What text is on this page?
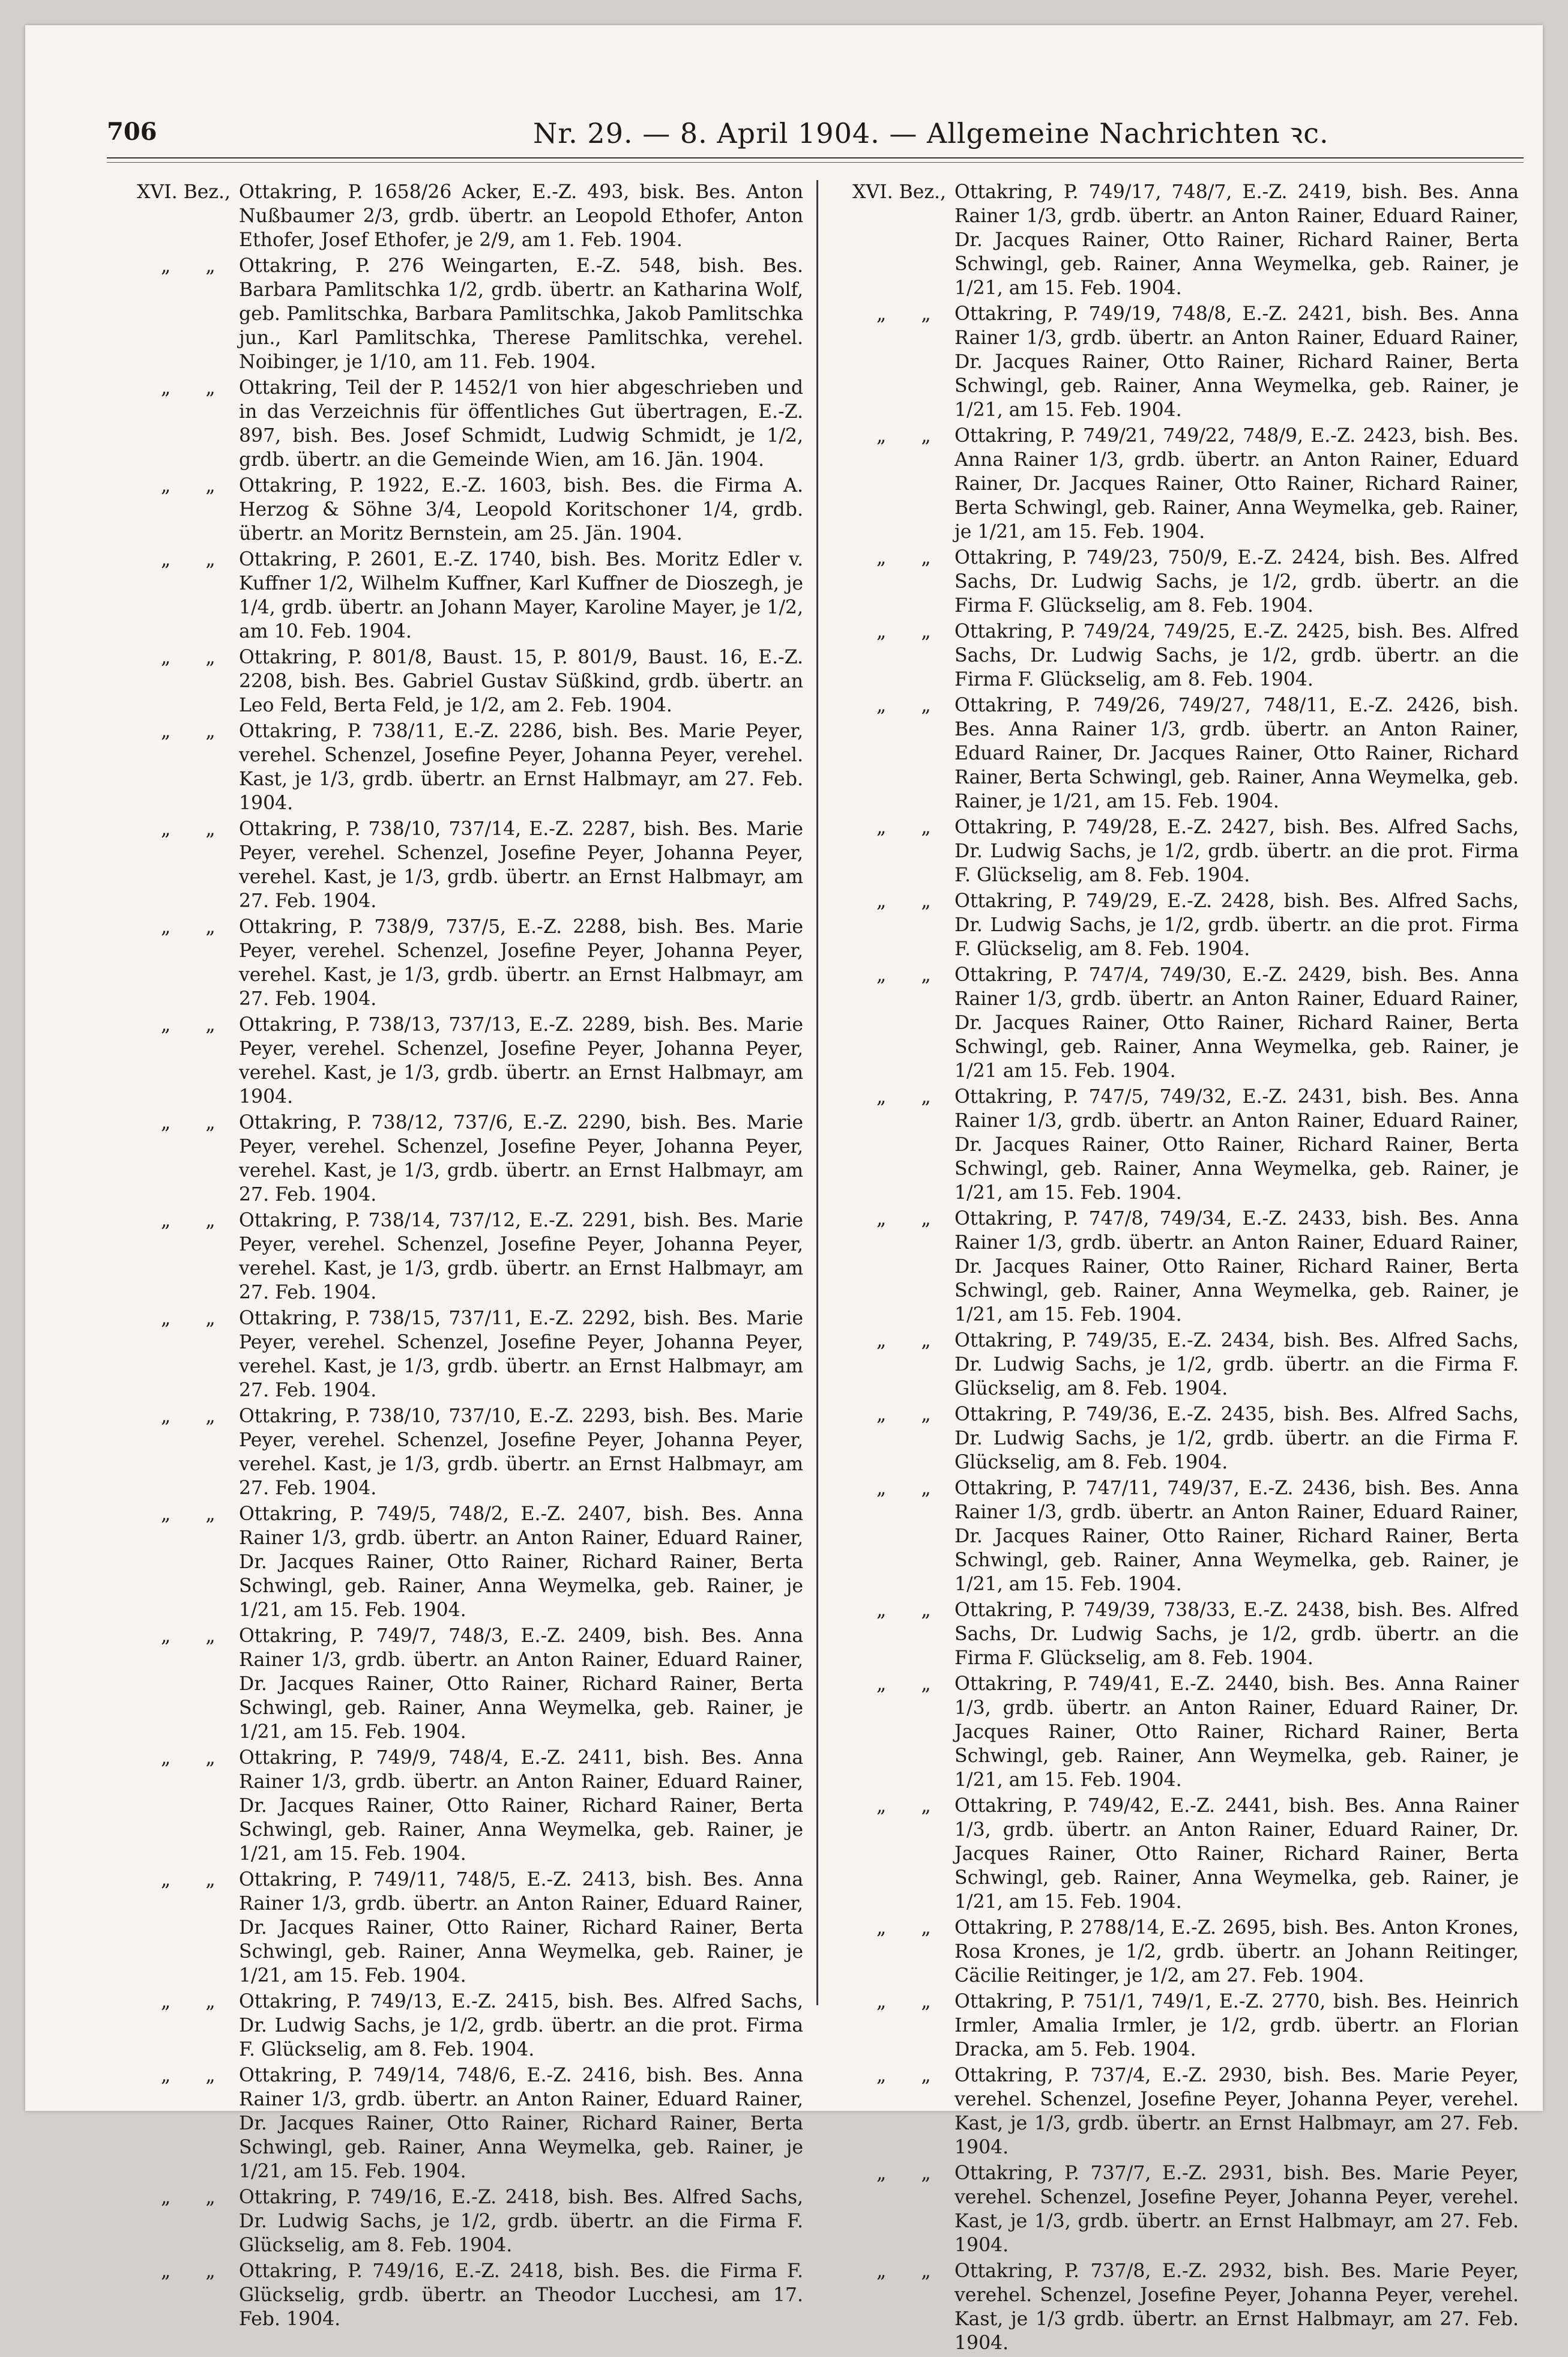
706	Nr. 29. — 8. April 1904. — Allgemeine Nachrichten ꝛc.
XVI. Bez., Ottakring, P. 1658/26 Acker, E.-Z. 493, bisk. Bes. Anton Nußbaumer 2/3, grdb. übertr. an Leopold Ethofer, Anton Ethofer, Josef Ethofer, je 2/9, am 1. Feb. 1904.
„ „ Ottakring, P. 276 Weingarten, E.-Z. 548, bish. Bes. Barbara Pamlitschka 1/2, grdb. übertr. an Katharina Wolf, geb. Pamlitschka, Barbara Pamlitschka, Jakob Pamlitschka jun., Karl Pamlitschka, Therese Pamlitschka, verehel. Noibinger, je 1/10, am 11. Feb. 1904.
„ „ Ottakring, Teil der P. 1452/1 von hier abgeschrieben und in das Verzeichnis für öffentliches Gut übertragen, E.-Z. 897, bish. Bes. Josef Schmidt, Ludwig Schmidt, je 1/2, grdb. übertr. an die Gemeinde Wien, am 16. Jän. 1904.
„ „ Ottakring, P. 1922, E.-Z. 1603, bish. Bes. die Firma A. Herzog & Söhne 3/4, Leopold Koritschoner 1/4, grdb. übertr. an Moritz Bernstein, am 25. Jän. 1904.
„ „ Ottakring, P. 2601, E.-Z. 1740, bish. Bes. Moritz Edler v. Kuffner 1/2, Wilhelm Kuffner, Karl Kuffner de Dioszegh, je 1/4, grdb. übertr. an Johann Mayer, Karoline Mayer, je 1/2, am 10. Feb. 1904.
„ „ Ottakring, P. 801/8, Baust. 15, P. 801/9, Baust. 16, E.-Z. 2208, bish. Bes. Gabriel Gustav Süßkind, grdb. übertr. an Leo Feld, Berta Feld, je 1/2, am 2. Feb. 1904.
„ „ Ottakring, P. 738/11, E.-Z. 2286, bish. Bes. Marie Peyer, verehel. Schenzel, Josefine Peyer, Johanna Peyer, verehel. Kast, je 1/3, grdb. übertr. an Ernst Halbmayr, am 27. Feb. 1904.
„ „ Ottakring, P. 738/10, 737/14, E.-Z. 2287, bish. Bes. Marie Peyer, verehel. Schenzel, Josefine Peyer, Johanna Peyer, verehel. Kast, je 1/3, grdb. übertr. an Ernst Halbmayr, am 27. Feb. 1904.
„ „ Ottakring, P. 738/9, 737/5, E.-Z. 2288, bish. Bes. Marie Peyer, verehel. Schenzel, Josefine Peyer, Johanna Peyer, verehel. Kast, je 1/3, grdb. übertr. an Ernst Halbmayr, am 27. Feb. 1904.
„ „ Ottakring, P. 738/13, 737/13, E.-Z. 2289, bish. Bes. Marie Peyer, verehel. Schenzel, Josefine Peyer, Johanna Peyer, verehel. Kast, je 1/3, grdb. übertr. an Ernst Halbmayr, am 1904.
„ „ Ottakring, P. 738/12, 737/6, E.-Z. 2290, bish. Bes. Marie Peyer, verehel. Schenzel, Josefine Peyer, Johanna Peyer, verehel. Kast, je 1/3, grdb. übertr. an Ernst Halbmayr, am 27. Feb. 1904.
„ „ Ottakring, P. 738/14, 737/12, E.-Z. 2291, bish. Bes. Marie Peyer, verehel. Schenzel, Josefine Peyer, Johanna Peyer, verehel. Kast, je 1/3, grdb. übertr. an Ernst Halbmayr, am 27. Feb. 1904.
„ „ Ottakring, P. 738/15, 737/11, E.-Z. 2292, bish. Bes. Marie Peyer, verehel. Schenzel, Josefine Peyer, Johanna Peyer, verehel. Kast, je 1/3, grdb. übertr. an Ernst Halbmayr, am 27. Feb. 1904.
„ „ Ottakring, P. 738/10, 737/10, E.-Z. 2293, bish. Bes. Marie Peyer, verehel. Schenzel, Josefine Peyer, Johanna Peyer, verehel. Kast, je 1/3, grdb. übertr. an Ernst Halbmayr, am 27. Feb. 1904.
„ „ Ottakring, P. 749/5, 748/2, E.-Z. 2407, bish. Bes. Anna Rainer 1/3, grdb. übertr. an Anton Rainer, Eduard Rainer, Dr. Jacques Rainer, Otto Rainer, Richard Rainer, Berta Schwingl, geb. Rainer, Anna Weymelka, geb. Rainer, je 1/21, am 15. Feb. 1904.
„ „ Ottakring, P. 749/7, 748/3, E.-Z. 2409, bish. Bes. Anna Rainer 1/3, grdb. übertr. an Anton Rainer, Eduard Rainer, Dr. Jacques Rainer, Otto Rainer, Richard Rainer, Berta Schwingl, geb. Rainer, Anna Weymelka, geb. Rainer, je 1/21, am 15. Feb. 1904.
„ „ Ottakring, P. 749/9, 748/4, E.-Z. 2411, bish. Bes. Anna Rainer 1/3, grdb. übertr. an Anton Rainer, Eduard Rainer, Dr. Jacques Rainer, Otto Rainer, Richard Rainer, Berta Schwingl, geb. Rainer, Anna Weymelka, geb. Rainer, je 1/21, am 15. Feb. 1904.
„ „ Ottakring, P. 749/11, 748/5, E.-Z. 2413, bish. Bes. Anna Rainer 1/3, grdb. übertr. an Anton Rainer, Eduard Rainer, Dr. Jacques Rainer, Otto Rainer, Richard Rainer, Berta Schwingl, geb. Rainer, Anna Weymelka, geb. Rainer, je 1/21, am 15. Feb. 1904.
„ „ Ottakring, P. 749/13, E.-Z. 2415, bish. Bes. Alfred Sachs, Dr. Ludwig Sachs, je 1/2, grdb. übertr. an die prot. Firma F. Glückselig, am 8. Feb. 1904.
„ „ Ottakring, P. 749/14, 748/6, E.-Z. 2416, bish. Bes. Anna Rainer 1/3, grdb. übertr. an Anton Rainer, Eduard Rainer, Dr. Jacques Rainer, Otto Rainer, Richard Rainer, Berta Schwingl, geb. Rainer, Anna Weymelka, geb. Rainer, je 1/21, am 15. Feb. 1904.
„ „ Ottakring, P. 749/16, E.-Z. 2418, bish. Bes. Alfred Sachs, Dr. Ludwig Sachs, je 1/2, grdb. übertr. an die Firma F. Glückselig, am 8. Feb. 1904.
„ „ Ottakring, P. 749/16, E.-Z. 2418, bish. Bes. die Firma F. Glückselig, grdb. übertr. an Theodor Lucchesi, am 17. Feb. 1904.
XVI. Bez., Ottakring, P. 749/17, 748/7, E.-Z. 2419, bish. Bes. Anna Rainer 1/3, grdb. übertr. an Anton Rainer, Eduard Rainer, Dr. Jacques Rainer, Otto Rainer, Richard Rainer, Berta Schwingl, geb. Rainer, Anna Weymelka, geb. Rainer, je 1/21, am 15. Feb. 1904.
„ „ Ottakring, P. 749/19, 748/8, E.-Z. 2421, bish. Bes. Anna Rainer 1/3, grdb. übertr. an Anton Rainer, Eduard Rainer, Dr. Jacques Rainer, Otto Rainer, Richard Rainer, Berta Schwingl, geb. Rainer, Anna Weymelka, geb. Rainer, je 1/21, am 15. Feb. 1904.
„ „ Ottakring, P. 749/21, 749/22, 748/9, E.-Z. 2423, bish. Bes. Anna Rainer 1/3, grdb. übertr. an Anton Rainer, Eduard Rainer, Dr. Jacques Rainer, Otto Rainer, Richard Rainer, Berta Schwingl, geb. Rainer, Anna Weymelka, geb. Rainer, je 1/21, am 15. Feb. 1904.
„ „ Ottakring, P. 749/23, 750/9, E.-Z. 2424, bish. Bes. Alfred Sachs, Dr. Ludwig Sachs, je 1/2, grdb. übertr. an die Firma F. Glückselig, am 8. Feb. 1904.
„ „ Ottakring, P. 749/24, 749/25, E.-Z. 2425, bish. Bes. Alfred Sachs, Dr. Ludwig Sachs, je 1/2, grdb. übertr. an die Firma F. Glückselig, am 8. Feb. 1904.
„ „ Ottakring, P. 749/26, 749/27, 748/11, E.-Z. 2426, bish. Bes. Anna Rainer 1/3, grdb. übertr. an Anton Rainer, Eduard Rainer, Dr. Jacques Rainer, Otto Rainer, Richard Rainer, Berta Schwingl, geb. Rainer, Anna Weymelka, geb. Rainer, je 1/21, am 15. Feb. 1904.
„ „ Ottakring, P. 749/28, E.-Z. 2427, bish. Bes. Alfred Sachs, Dr. Ludwig Sachs, je 1/2, grdb. übertr. an die prot. Firma F. Glückselig, am 8. Feb. 1904.
„ „ Ottakring, P. 749/29, E.-Z. 2428, bish. Bes. Alfred Sachs, Dr. Ludwig Sachs, je 1/2, grdb. übertr. an die prot. Firma F. Glückselig, am 8. Feb. 1904.
„ „ Ottakring, P. 747/4, 749/30, E.-Z. 2429, bish. Bes. Anna Rainer 1/3, grdb. übertr. an Anton Rainer, Eduard Rainer, Dr. Jacques Rainer, Otto Rainer, Richard Rainer, Berta Schwingl, geb. Rainer, Anna Weymelka, geb. Rainer, je 1/21 am 15. Feb. 1904.
„ „ Ottakring, P. 747/5, 749/32, E.-Z. 2431, bish. Bes. Anna Rainer 1/3, grdb. übertr. an Anton Rainer, Eduard Rainer, Dr. Jacques Rainer, Otto Rainer, Richard Rainer, Berta Schwingl, geb. Rainer, Anna Weymelka, geb. Rainer, je 1/21, am 15. Feb. 1904.
„ „ Ottakring, P. 747/8, 749/34, E.-Z. 2433, bish. Bes. Anna Rainer 1/3, grdb. übertr. an Anton Rainer, Eduard Rainer, Dr. Jacques Rainer, Otto Rainer, Richard Rainer, Berta Schwingl, geb. Rainer, Anna Weymelka, geb. Rainer, je 1/21, am 15. Feb. 1904.
„ „ Ottakring, P. 749/35, E.-Z. 2434, bish. Bes. Alfred Sachs, Dr. Ludwig Sachs, je 1/2, grdb. übertr. an die Firma F. Glückselig, am 8. Feb. 1904.
„ „ Ottakring, P. 749/36, E.-Z. 2435, bish. Bes. Alfred Sachs, Dr. Ludwig Sachs, je 1/2, grdb. übertr. an die Firma F. Glückselig, am 8. Feb. 1904.
„ „ Ottakring, P. 747/11, 749/37, E.-Z. 2436, bish. Bes. Anna Rainer 1/3, grdb. übertr. an Anton Rainer, Eduard Rainer, Dr. Jacques Rainer, Otto Rainer, Richard Rainer, Berta Schwingl, geb. Rainer, Anna Weymelka, geb. Rainer, je 1/21, am 15. Feb. 1904.
„ „ Ottakring, P. 749/39, 738/33, E.-Z. 2438, bish. Bes. Alfred Sachs, Dr. Ludwig Sachs, je 1/2, grdb. übertr. an die Firma F. Glückselig, am 8. Feb. 1904.
„ „ Ottakring, P. 749/41, E.-Z. 2440, bish. Bes. Anna Rainer 1/3, grdb. übertr. an Anton Rainer, Eduard Rainer, Dr. Jacques Rainer, Otto Rainer, Richard Rainer, Berta Schwingl, geb. Rainer, Ann Weymelka, geb. Rainer, je 1/21, am 15. Feb. 1904.
„ „ Ottakring, P. 749/42, E.-Z. 2441, bish. Bes. Anna Rainer 1/3, grdb. übertr. an Anton Rainer, Eduard Rainer, Dr. Jacques Rainer, Otto Rainer, Richard Rainer, Berta Schwingl, geb. Rainer, Anna Weymelka, geb. Rainer, je 1/21, am 15. Feb. 1904.
„ „ Ottakring, P. 2788/14, E.-Z. 2695, bish. Bes. Anton Krones, Rosa Krones, je 1/2, grdb. übertr. an Johann Reitinger, Cäcilie Reitinger, je 1/2, am 27. Feb. 1904.
„ „ Ottakring, P. 751/1, 749/1, E.-Z. 2770, bish. Bes. Heinrich Irmler, Amalia Irmler, je 1/2, grdb. übertr. an Florian Dracka, am 5. Feb. 1904.
„ „ Ottakring, P. 737/4, E.-Z. 2930, bish. Bes. Marie Peyer, verehel. Schenzel, Josefine Peyer, Johanna Peyer, verehel. Kast, je 1/3, grdb. übertr. an Ernst Halbmayr, am 27. Feb. 1904.
„ „ Ottakring, P. 737/7, E.-Z. 2931, bish. Bes. Marie Peyer, verehel. Schenzel, Josefine Peyer, Johanna Peyer, verehel. Kast, je 1/3, grdb. übertr. an Ernst Halbmayr, am 27. Feb. 1904.
„ „ Ottakring, P. 737/8, E.-Z. 2932, bish. Bes. Marie Peyer, verehel. Schenzel, Josefine Peyer, Johanna Peyer, verehel. Kast, je 1/3 grdb. übertr. an Ernst Halbmayr, am 27. Feb. 1904.
